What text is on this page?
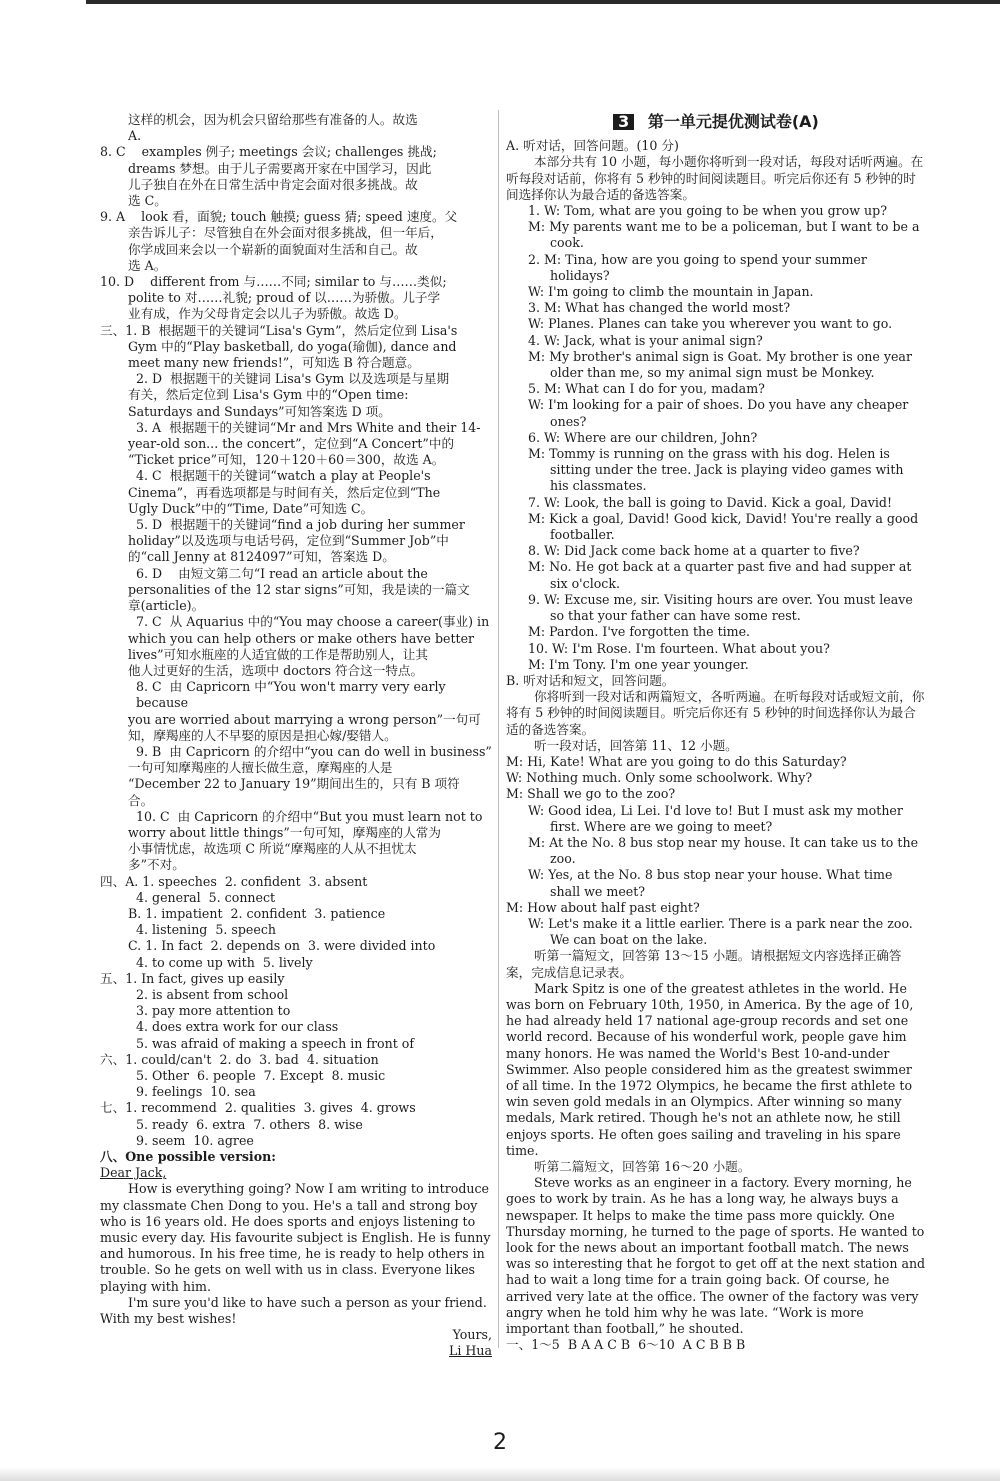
这样的机会，因为机会只留给那些有准备的人。故选

A.

8. C    examples 例子; meetings 会议; challenges 挑战;

dreams 梦想。由于儿子需要离开家在中国学习，因此

儿子独自在外在日常生活中肯定会面对很多挑战。故

选 C。

9. A    look 看，面貌; touch 触摸; guess 猜; speed 速度。父

亲告诉儿子：尽管独自在外会面对很多挑战，但一年后，

你学成回来会以一个崭新的面貌面对生活和自己。故

选 A。

10. D    different from 与……不同; similar to 与……类似;

polite to 对……礼貌; proud of 以……为骄傲。儿子学

业有成，作为父母肯定会以儿子为骄傲。故选 D。

三、1. B  根据题干的关键词“Lisa's Gym”，然后定位到 Lisa's

Gym 中的“Play basketball, do yoga(瑜伽), dance and

meet many new friends!”，可知选 B 符合题意。

2. D  根据题干的关键词 Lisa's Gym 以及选项是与星期

有关，然后定位到 Lisa's Gym 中的“Open time:

Saturdays and Sundays”可知答案选 D 项。

3. A  根据题干的关键词“Mr and Mrs White and their 14-

year-old son... the concert”，定位到“A Concert”中的

“Ticket price”可知，120＋120＋60＝300，故选 A。

4. C  根据题干的关键词“watch a play at People's

Cinema”，再看选项都是与时间有关，然后定位到“The

Ugly Duck”中的“Time, Date”可知选 C。

5. D  根据题干的关键词“find a job during her summer

holiday”以及选项与电话号码，定位到“Summer Job”中

的“call Jenny at 8124097”可知，答案选 D。

6. D    由短文第二句“I read an article about the

personalities of the 12 star signs”可知，我是读的一篇文

章(article)。

7. C  从 Aquarius 中的“You may choose a career(事业) in

which you can help others or make others have better

lives”可知水瓶座的人适宜做的工作是帮助别人，让其

他人过更好的生活，选项中 doctors 符合这一特点。

8. C  由 Capricorn 中“You won't marry very early because

you are worried about marrying a wrong person”一句可

知，摩羯座的人不早娶的原因是担心嫁/娶错人。

9. B  由 Capricorn 的介绍中“you can do well in business”

一句可知摩羯座的人擅长做生意，摩羯座的人是

“December 22 to January 19”期间出生的，只有 B 项符

合。

10. C  由 Capricorn 的介绍中“But you must learn not to

worry about little things”一句可知，摩羯座的人常为

小事情忧虑，故选项 C 所说“摩羯座的人从不担忧太

多”不对。

四、A. 1. speeches  2. confident  3. absent

4. general  5. connect

B. 1. impatient  2. confident  3. patience

4. listening  5. speech

C. 1. In fact  2. depends on  3. were divided into

4. to come up with  5. lively

五、1. In fact, gives up easily

2. is absent from school

3. pay more attention to

4. does extra work for our class

5. was afraid of making a speech in front of

六、1. could/can't  2. do  3. bad  4. situation

5. Other  6. people  7. Except  8. music

9. feelings  10. sea

七、1. recommend  2. qualities  3. gives  4. grows

5. ready  6. extra  7. others  8. wise

9. seem  10. agree

八、One possible version:

Dear Jack,

How is everything going? Now I am writing to introduce my classmate Chen Dong to you. He's a tall and strong boy who is 16 years old. He does sports and enjoys listening to music every day. His favourite subject is English. He is funny and humorous. In his free time, he is ready to help others in trouble. So he gets on well with us in class. Everyone likes playing with him.

I'm sure you'd like to have such a person as your friend. With my best wishes!

Yours,

Li Hua

3 第一单元提优测试卷(A)

A. 听对话，回答问题。(10 分)

本部分共有 10 小题，每小题你将听到一段对话，每段对话听两遍。在听每段对话前，你将有 5 秒钟的时间阅读题目。听完后你还有 5 秒钟的时间选择你认为最合适的备选答案。

1. W: Tom, what are you going to be when you grow up?

M: My parents want me to be a policeman, but I want to be a cook.

2. M: Tina, how are you going to spend your summer holidays?

W: I'm going to climb the mountain in Japan.

3. M: What has changed the world most?

W: Planes. Planes can take you wherever you want to go.

4. W: Jack, what is your animal sign?

M: My brother's animal sign is Goat. My brother is one year older than me, so my animal sign must be Monkey.

5. M: What can I do for you, madam?

W: I'm looking for a pair of shoes. Do you have any cheaper ones?

6. W: Where are our children, John?

M: Tommy is running on the grass with his dog. Helen is sitting under the tree. Jack is playing video games with his classmates.

7. W: Look, the ball is going to David. Kick a goal, David!

M: Kick a goal, David! Good kick, David! You're really a good footballer.

8. W: Did Jack come back home at a quarter to five?

M: No. He got back at a quarter past five and had supper at six o'clock.

9. W: Excuse me, sir. Visiting hours are over. You must leave so that your father can have some rest.

M: Pardon. I've forgotten the time.

10. W: I'm Rose. I'm fourteen. What about you?

M: I'm Tony. I'm one year younger.

B. 听对话和短文，回答问题。

你将听到一段对话和两篇短文，各听两遍。在听每段对话或短文前，你将有 5 秒钟的时间阅读题目。听完后你还有 5 秒钟的时间选择你认为最合适的备选答案。

听一段对话，回答第 11、12 小题。

M: Hi, Kate! What are you going to do this Saturday?

W: Nothing much. Only some schoolwork. Why?

M: Shall we go to the zoo?

W: Good idea, Li Lei. I'd love to! But I must ask my mother first. Where are we going to meet?

M: At the No. 8 bus stop near my house. It can take us to the zoo.

W: Yes, at the No. 8 bus stop near your house. What time shall we meet?

M: How about half past eight?

W: Let's make it a little earlier. There is a park near the zoo. We can boat on the lake.

听第一篇短文，回答第 13～15 小题。请根据短文内容选择正确答案，完成信息记录表。

Mark Spitz is one of the greatest athletes in the world. He was born on February 10th, 1950, in America. By the age of 10, he had already held 17 national age-group records and set one world record. Because of his wonderful work, people gave him many honors. He was named the World's Best 10-and-under Swimmer. Also people considered him as the greatest swimmer of all time. In the 1972 Olympics, he became the first athlete to win seven gold medals in an Olympics. After winning so many medals, Mark retired. Though he's not an athlete now, he still enjoys sports. He often goes sailing and traveling in his spare time.

听第二篇短文，回答第 16～20 小题。

Steve works as an engineer in a factory. Every morning, he goes to work by train. As he has a long way, he always buys a newspaper. It helps to make the time pass more quickly. One Thursday morning, he turned to the page of sports. He wanted to look for the news about an important football match. The news was so interesting that he forgot to get off at the next station and had to wait a long time for a train going back. Of course, he arrived very late at the office. The owner of the factory was very angry when he told him why he was late. “Work is more important than football,” he shouted.

一、1～5  B A A C B  6～10  A C B B B

2
